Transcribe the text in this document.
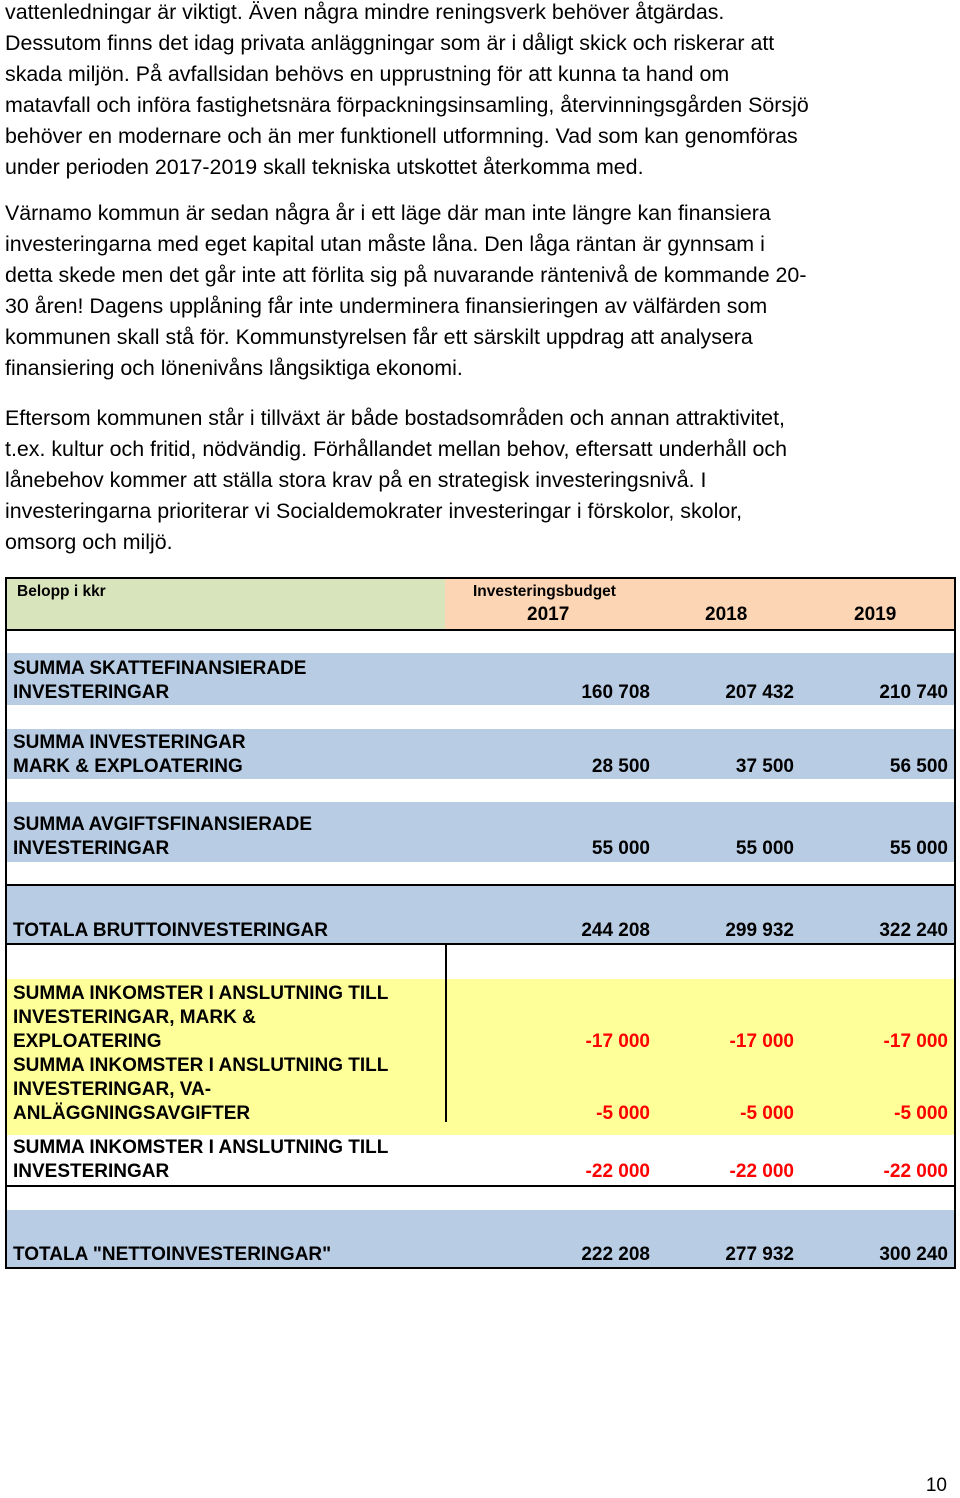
vattenledningar är viktigt. Även några mindre reningsverk behöver åtgärdas.
Dessutom finns det idag privata anläggningar som är i dåligt skick och riskerar att
skada miljön. På avfallsidan behövs en upprustning för att kunna ta hand om
matavfall och införa fastighetsnära förpackningsinsamling, återvinningsgården Sörsjö
behöver en modernare och än mer funktionell utformning. Vad som kan genomföras
under perioden 2017-2019 skall tekniska utskottet återkomma med.
Värnamo kommun är sedan några år i ett läge där man inte längre kan finansiera
investeringarna med eget kapital utan måste låna. Den låga räntan är gynnsam i
detta skede men det går inte att förlita sig på nuvarande räntenivå de kommande 20-
30 åren! Dagens upplåning får inte underminera finansieringen av välfärden som
kommunen skall stå för. Kommunstyrelsen får ett särskilt uppdrag att analysera
finansiering och lönenivåns långsiktiga ekonomi.
Eftersom kommunen står i tillväxt är både bostadsområden och annan attraktivitet,
t.ex. kultur och fritid, nödvändig. Förhållandet mellan behov, eftersatt underhåll och
lånebehov kommer att ställa stora krav på en strategisk investeringsnivå. I
investeringarna prioriterar vi Socialdemokrater investeringar i förskolor, skolor,
omsorg och miljö.
Belopp i kkr	Investeringsbudget
2017	2018	2019
SUMMA SKATTEFINANSIERADE
INVESTERINGAR	160 708	207 432	210 740
SUMMA INVESTERINGAR
MARK & EXPLOATERING	28 500	37 500	56 500
SUMMA AVGIFTSFINANSIERADE
INVESTERINGAR	55 000	55 000	55 000
TOTALA BRUTTOINVESTERINGAR	244 208	299 932	322 240
SUMMA INKOMSTER I ANSLUTNING TILL
INVESTERINGAR, MARK &
EXPLOATERING	-17 000	-17 000	-17 000
SUMMA INKOMSTER I ANSLUTNING TILL
INVESTERINGAR, VA-
ANLÄGGNINGSAVGIFTER	-5 000	-5 000	-5 000
SUMMA INKOMSTER I ANSLUTNING TILL
INVESTERINGAR	-22 000	-22 000	-22 000
TOTALA "NETTOINVESTERINGAR"	222 208	277 932	300 240
10
